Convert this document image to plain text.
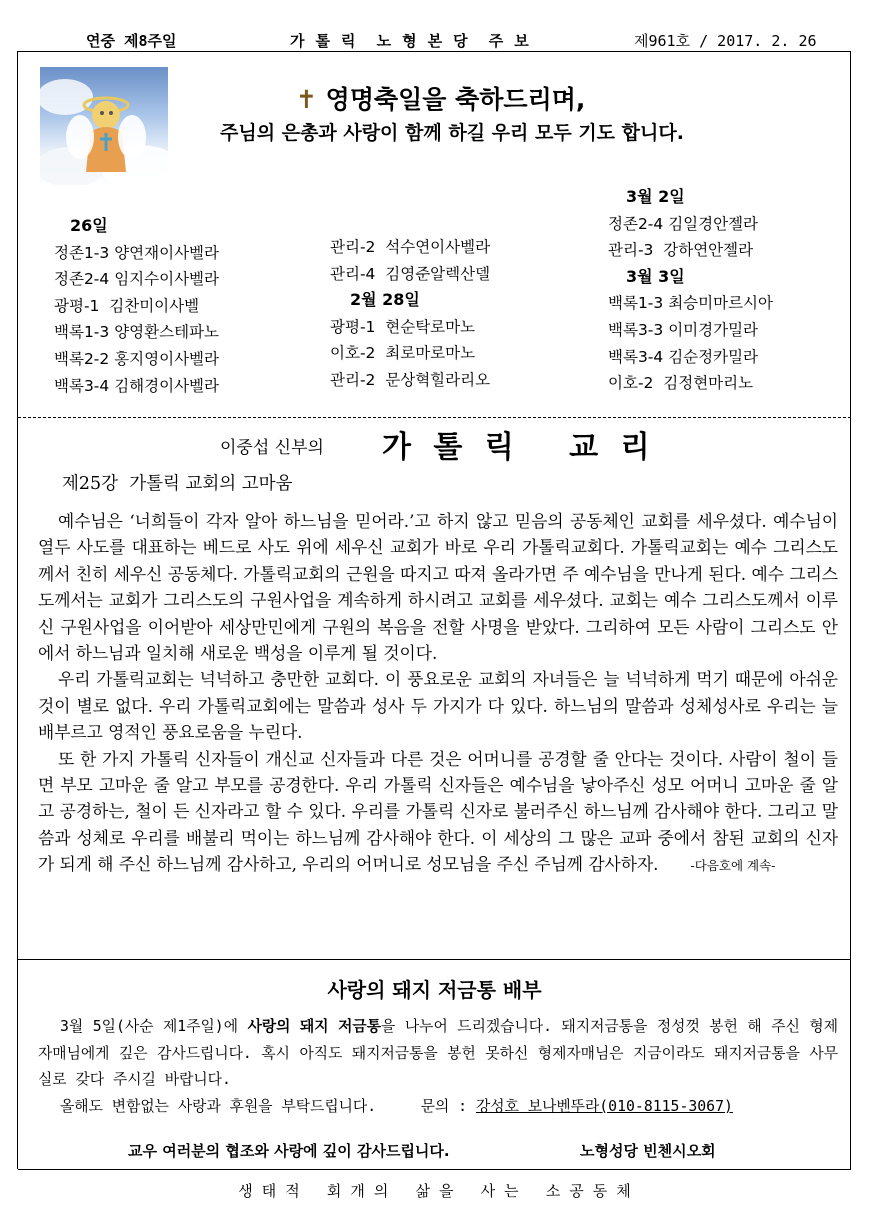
연중 제8주일	가 톨 릭  노 형 본 당  주 보	제961호 / 2017. 2. 26
✝ 영명축일을 축하드리며,
주님의 은총과 사랑이 함께 하길 우리 모두 기도 합니다.
26일
정존1-3 양연재이사벨라
정존2-4 임지수이사벨라
광평-1  김찬미이사벨
백록1-3 양영환스테파노
백록2-2 홍지영이사벨라
백록3-4 김해경이사벨라
관리-2  석수연이사벨라
관리-4  김영준알렉산델
2월 28일
광평-1  현순탁로마노
이호-2  최로마로마노
관리-2  문상혁힐라리오
3월 2일
정존2-4 김일경안젤라
관리-3  강하연안젤라
3월 3일
백록1-3 최승미마르시아
백록3-3 이미경가밀라
백록3-4 김순정카밀라
이호-2  김정현마리노
이중섭 신부의 가 톨 릭   교 리
제25강  가톨릭 교회의 고마움

예수님은 ‘너희들이 각자 알아 하느님을 믿어라.’고 하지 않고 믿음의 공동체인 교회를 세우셨다. 예수님이 열두 사도를 대표하는 베드로 사도 위에 세우신 교회가 바로 우리 가톨릭교회다. 가톨릭교회는 예수 그리스도께서 친히 세우신 공동체다. 가톨릭교회의 근원을 따지고 따져 올라가면 주 예수님을 만나게 된다. 예수 그리스도께서는 교회가 그리스도의 구원사업을 계속하게 하시려고 교회를 세우셨다. 교회는 예수 그리스도께서 이루신 구원사업을 이어받아 세상만민에게 구원의 복음을 전할 사명을 받았다. 그리하여 모든 사람이 그리스도 안에서 하느님과 일치해 새로운 백성을 이루게 될 것이다.

우리 가톨릭교회는 넉넉하고 충만한 교회다. 이 풍요로운 교회의 자녀들은 늘 넉넉하게 먹기 때문에 아쉬운 것이 별로 없다. 우리 가톨릭교회에는 말씀과 성사 두 가지가 다 있다. 하느님의 말씀과 성체성사로 우리는 늘 배부르고 영적인 풍요로움을 누린다.

또 한 가지 가톨릭 신자들이 개신교 신자들과 다른 것은 어머니를 공경할 줄 안다는 것이다. 사람이 철이 들면 부모 고마운 줄 알고 부모를 공경한다. 우리 가톨릭 신자들은 예수님을 낳아주신 성모 어머니 고마운 줄 알고 공경하는, 철이 든 신자라고 할 수 있다. 우리를 가톨릭 신자로 불러주신 하느님께 감사해야 한다. 그리고 말씀과 성체로 우리를 배불리 먹이는 하느님께 감사해야 한다. 이 세상의 그 많은 교파 중에서 참된 교회의 신자가 되게 해 주신 하느님께 감사하고, 우리의 어머니로 성모님을 주신 주님께 감사하자.	-다음호에 계속-

사랑의 돼지 저금통 배부

3월 5일(사순 제1주일)에 사랑의 돼지 저금통을 나누어 드리겠습니다. 돼지저금통을 정성껏 봉헌 해 주신 형제자매님에게 깊은 감사드립니다. 혹시 아직도 돼지저금통을 봉헌 못하신 형제자매님은 지금이라도 돼지저금통을 사무실로 갖다 주시길 바랍니다.

올해도 변함없는 사랑과 후원을 부탁드립니다.	문의 : 강성호 보나벤뚜라(010-8115-3067)

교우 여러분의 협조와 사랑에 깊이 감사드립니다.	노형성당 빈첸시오회
생 태 적   회 개 의   삶 을   사 는   소 공 동 체
